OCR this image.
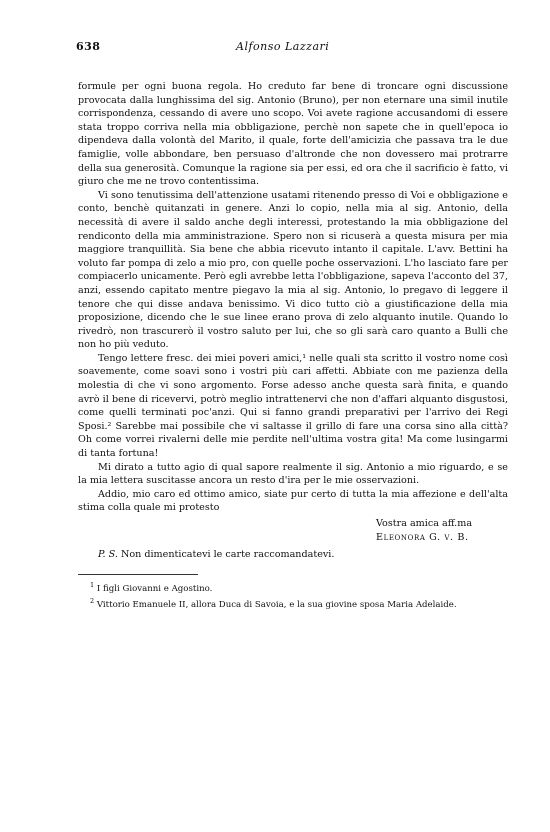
638	Alfonso Lazzari

formule per ogni buona regola. Ho creduto far bene di troncare ogni discussione provocata dalla lunghissima del sig. Antonio (Bruno), per non eternare una simil inutile corrispondenza, cessando di avere uno scopo. Voi avete ragione accusandomi di essere stata troppo corriva nella mia obbligazione, perchè non sapete che in quell'epoca io dipendeva dalla volontà del Marito, il quale, forte dell'amicizia che passava tra le due famiglie, volle abbondare, ben persuaso d'altronde che non dovessero mai protrarre della sua generosità. Comunque la ragione sia per essi, ed ora che il sacrificio è fatto, vi giuro che me ne trovo contentissima.

Vi sono tenutissima dell'attenzione usatami ritenendo presso di Voi e obbligazione e conto, benchè quitanzati in genere. Anzi lo copio, nella mia al sig. Antonio, della necessità di avere il saldo anche degli interessi, protestando la mia obbligazione del rendiconto della mia amministrazione. Spero non si ricuserà a questa misura per mia maggiore tranquillità. Sia bene che abbia ricevuto intanto il capitale. L'avv. Bettini ha voluto far pompa di zelo a mio pro, con quelle poche osservazioni. L'ho lasciato fare per compiacerlo unicamente. Però egli avrebbe letta l'obbligazione, sapeva l'acconto del 37, anzi, essendo capitato mentre piegavo la mia al sig. Antonio, lo pregavo di leggere il tenore che qui disse andava benissimo. Vi dico tutto ciò a giustificazione della mia proposizione, dicendo che le sue linee erano prova di zelo alquanto inutile. Quando lo rivedrò, non trascurerò il vostro saluto per lui, che so gli sarà caro quanto a Bulli che non ho più veduto.

Tengo lettere fresc. dei miei poveri amici,¹ nelle quali sta scritto il vostro nome così soavemente, come soavi sono i vostri più cari affetti. Abbiate con me pazienza della molestia di che vi sono argomento. Forse adesso anche questa sarà finita, e quando avrò il bene di ricevervi, potrò meglio intrattenervi che non d'affari alquanto disgustosi, come quelli terminati poc'anzi. Qui si fanno grandi preparativi per l'arrivo dei Regi Sposi.² Sarebbe mai possibile che vi saltasse il grillo di fare una corsa sino alla città? Oh come vorrei rivalerni delle mie perdite nell'ultima vostra gita! Ma come lusingarmi di tanta fortuna!

Mi dirato a tutto agio di qual sapore realmente il sig. Antonio a mio riguardo, e se la mia lettera suscitasse ancora un resto d'ira per le mie osservazioni.

Addio, mio caro ed ottimo amico, siate pur certo di tutta la mia affezione e dell'alta stima colla quale mi protesto

Vostra amica aff.ma
Eleonora G. v. B.
P. S. Non dimenticatevi le carte raccomandatevi.

$^1$ I figli Giovanni e Agostino.

$^2$ Vittorio Emanuele II, allora Duca di Savoia, e la sua giovine sposa Maria Adelaide.
